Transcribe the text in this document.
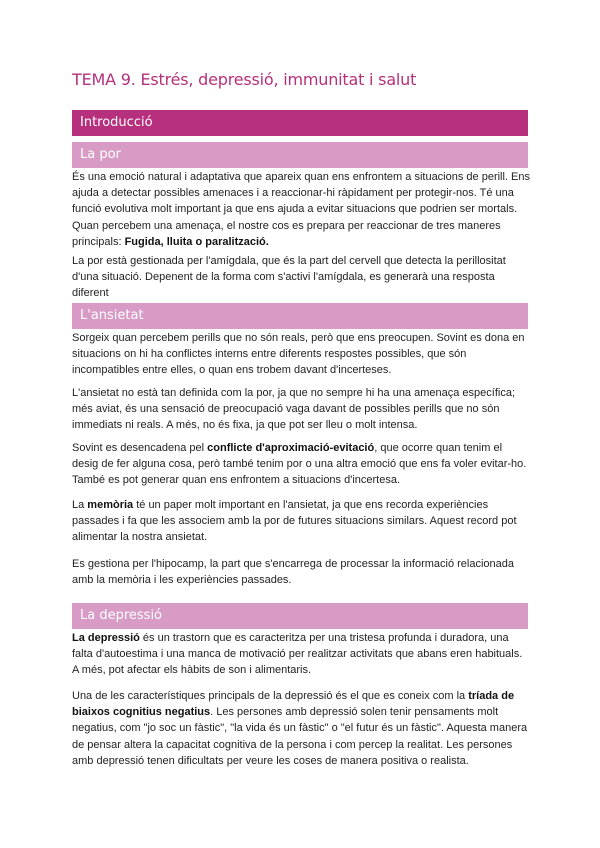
TEMA 9. Estrés, depressió, immunitat i salut
Introducció
La por
És una emoció natural i adaptativa que apareix quan ens enfrontem a situacions de perill. Ens ajuda a detectar possibles amenaces i a reaccionar-hi ràpidament per protegir-nos. Té una funció evolutiva molt important ja que ens ajuda a evitar situacions que podrien ser mortals. Quan percebem una amenaça, el nostre cos es prepara per reaccionar de tres maneres principals: Fugida, lluita o paralització.
La por està gestionada per l'amígdala, que és la part del cervell que detecta la perillositat d'una situació. Depenent de la forma com s'activi l'amígdala, es generarà una resposta diferent
L'ansietat
Sorgeix quan percebem perills que no són reals, però que ens preocupen. Sovint es dona en situacions on hi ha conflictes interns entre diferents respostes possibles, que són incompatibles entre elles, o quan ens trobem davant d'incerteses.
L'ansietat no està tan definida com la por, ja que no sempre hi ha una amenaça específica; més aviat, és una sensació de preocupació vaga davant de possibles perills que no són immediats ni reals. A més, no és fixa, ja que pot ser lleu o molt intensa.
Sovint es desencadena pel conflicte d'aproximació-evitació, que ocorre quan tenim el desig de fer alguna cosa, però també tenim por o una altra emoció que ens fa voler evitar-ho. També es pot generar quan ens enfrontem a situacions d'incertesa.
La memòria té un paper molt important en l'ansietat, ja que ens recorda experiències passades i fa que les associem amb la por de futures situacions similars. Aquest record pot alimentar la nostra ansietat.
Es gestiona per l'hipocamp, la part que s'encarrega de processar la informació relacionada amb la memòria i les experiències passades.
La depressió
La depressió és un trastorn que es caracteritza per una tristesa profunda i duradora, una falta d'autoestima i una manca de motivació per realitzar activitats que abans eren habituals. A més, pot afectar els hàbits de son i alimentaris.
Una de les característiques principals de la depressió és el que es coneix com la tríada de biaixos cognitius negatius. Les persones amb depressió solen tenir pensaments molt negatius, com "jo soc un fàstic", "la vida és un fàstic" o "el futur és un fàstic". Aquesta manera de pensar altera la capacitat cognitiva de la persona i com percep la realitat. Les persones amb depressió tenen dificultats per veure les coses de manera positiva o realista.
